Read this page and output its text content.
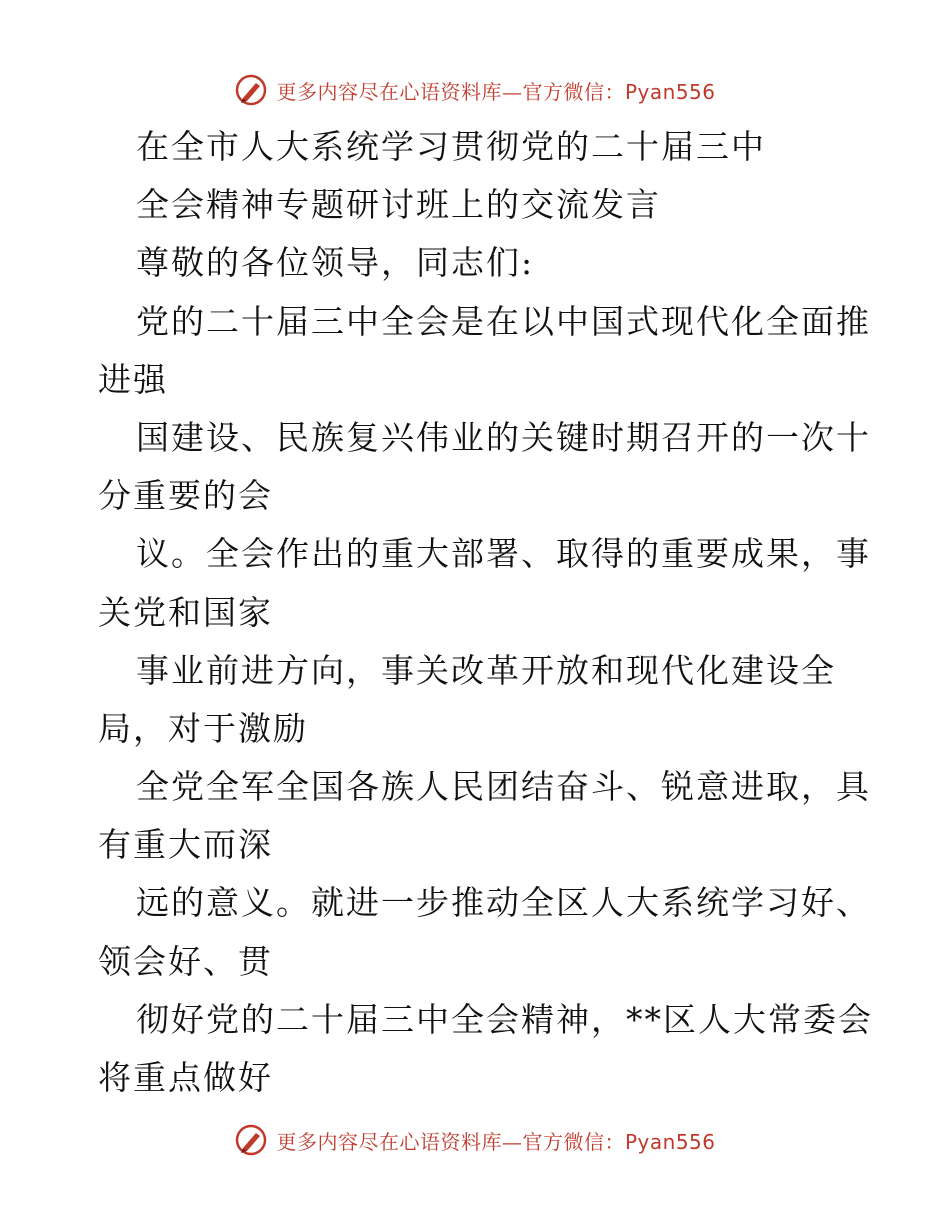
更多内容尽在心语资料库—官方微信：Pyan556
在全市人大系统学习贯彻党的二十届三中
全会精神专题研讨班上的交流发言
尊敬的各位领导，同志们:
党的二十届三中全会是在以中国式现代化全面推
进强
国建设、民族复兴伟业的关键时期召开的一次十
分重要的会
议。全会作出的重大部署、取得的重要成果，事
关党和国家
事业前进方向，事关改革开放和现代化建设全
局，对于激励
全党全军全国各族人民团结奋斗、锐意进取，具
有重大而深
远的意义。就进一步推动全区人大系统学习好、
领会好、贯
彻好党的二十届三中全会精神，**区人大常委会
将重点做好
更多内容尽在心语资料库—官方微信：Pyan556
